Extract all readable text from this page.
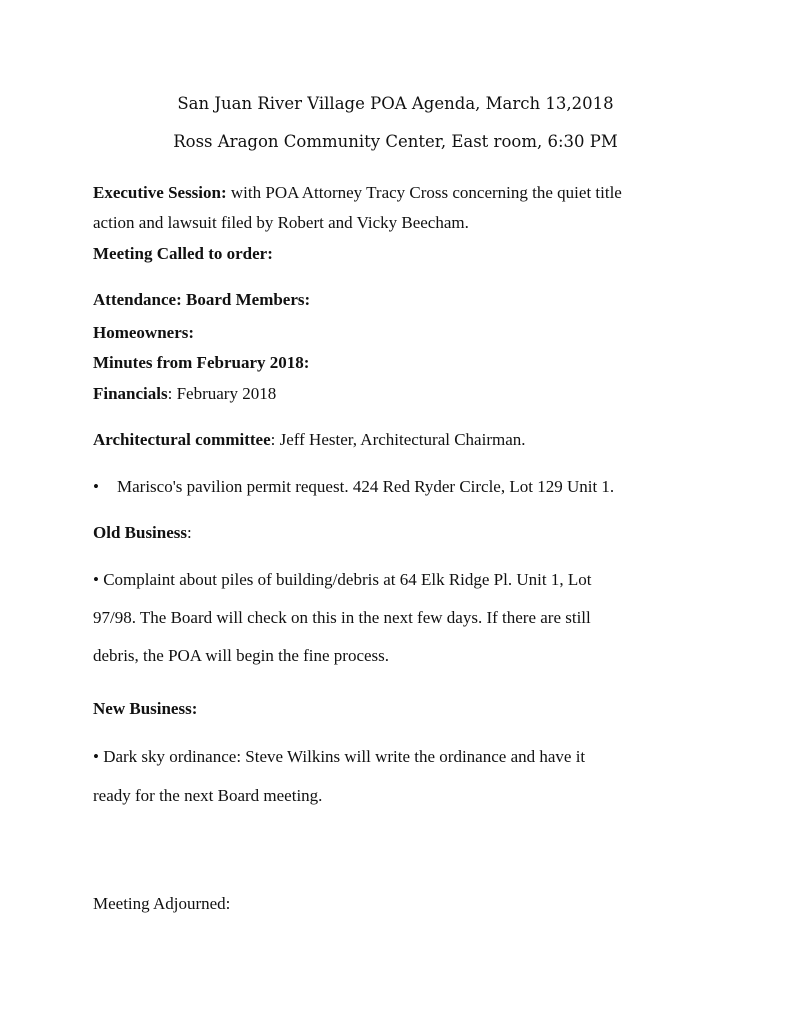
San Juan River Village POA Agenda, March 13,2018
Ross Aragon Community Center, East room, 6:30 PM
Executive Session: with POA Attorney Tracy Cross concerning the quiet title
action and lawsuit filed by Robert and Vicky Beecham.
Meeting Called to order:
Attendance: Board Members:
Homeowners:
Minutes from February 2018:
Financials: February 2018
Architectural committee: Jeff Hester, Architectural Chairman.
• Marisco's pavilion permit request. 424 Red Ryder Circle, Lot 129 Unit 1.
Old Business:
• Complaint about piles of building/debris at 64 Elk Ridge Pl. Unit 1, Lot
97/98. The Board will check on this in the next few days. If there are still
debris, the POA will begin the fine process.
New Business:
• Dark sky ordinance: Steve Wilkins will write the ordinance and have it
ready for the next Board meeting.
Meeting Adjourned:
